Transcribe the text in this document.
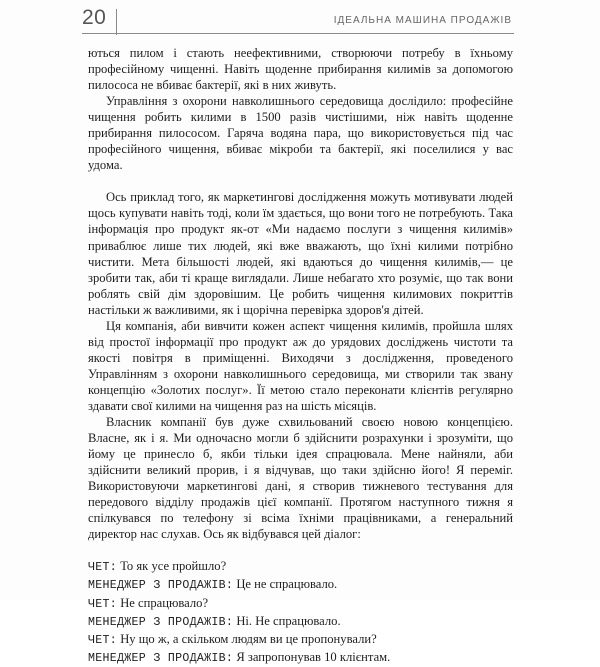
20	ІДЕАЛЬНА МАШИНА ПРОДАЖІВ

ються пилом і стають неефективними, створюючи потребу в їхньому професійному чищенні. Навіть щоденне прибирання килимів за допомогою пилососа не вбиває бактерії, які в них живуть.

Управління з охорони навколишнього середовища дослідило: професійне чищення робить килими в 1500 разів чистішими, ніж навіть щоденне прибирання пилососом. Гаряча водяна пара, що використовується під час професійного чищення, вбиває мікроби та бактерії, які поселилися у вас удома.

Ось приклад того, як маркетингові дослідження можуть мотивувати людей щось купувати навіть тоді, коли їм здається, що вони того не потребують. Така інформація про продукт як-от «Ми надаємо послуги з чищення килимів» приваблює лише тих людей, які вже вважають, що їхні килими потрібно чистити. Мета більшості людей, які вдаються до чищення килимів,— це зробити так, аби ті краще виглядали. Лише небагато хто розуміє, що так вони роблять свій дім здоровішим. Це робить чищення килимових покриттів настільки ж важливими, як і щорічна перевірка здоров'я дітей.

Ця компанія, аби вивчити кожен аспект чищення килимів, пройшла шлях від простої інформації про продукт аж до урядових досліджень чистоти та якості повітря в приміщенні. Виходячи з дослідження, проведеного Управлінням з охорони навколишнього середовища, ми створили так звану концепцію «Золотих послуг». Її метою стало переконати клієнтів регулярно здавати свої килими на чищення раз на шість місяців.

Власник компанії був дуже схвильований своєю новою концепцією. Власне, як і я. Ми одночасно могли б здійснити розрахунки і зрозуміти, що йому це принесло б, якби тільки ідея спрацювала. Мене найняли, аби здійснити великий прорив, і я відчував, що таки здійсню його! Я переміг. Використовуючи маркетингові дані, я створив тижневого тестування для передового відділу продажів цієї компанії. Протягом наступного тижня я спілкувався по телефону зі всіма їхніми працівниками, а генеральний директор нас слухав. Ось як відбувався цей діалог:

ЧЕТ: То як усе пройшло?

МЕНЕДЖЕР З ПРОДАЖІВ: Це не спрацювало.

ЧЕТ: Не спрацювало?

МЕНЕДЖЕР З ПРОДАЖІВ: Ні. Не спрацювало.

ЧЕТ: Ну що ж, а скільком людям ви це пропонували?

МЕНЕДЖЕР З ПРОДАЖІВ: Я запропонував 10 клієнтам.
